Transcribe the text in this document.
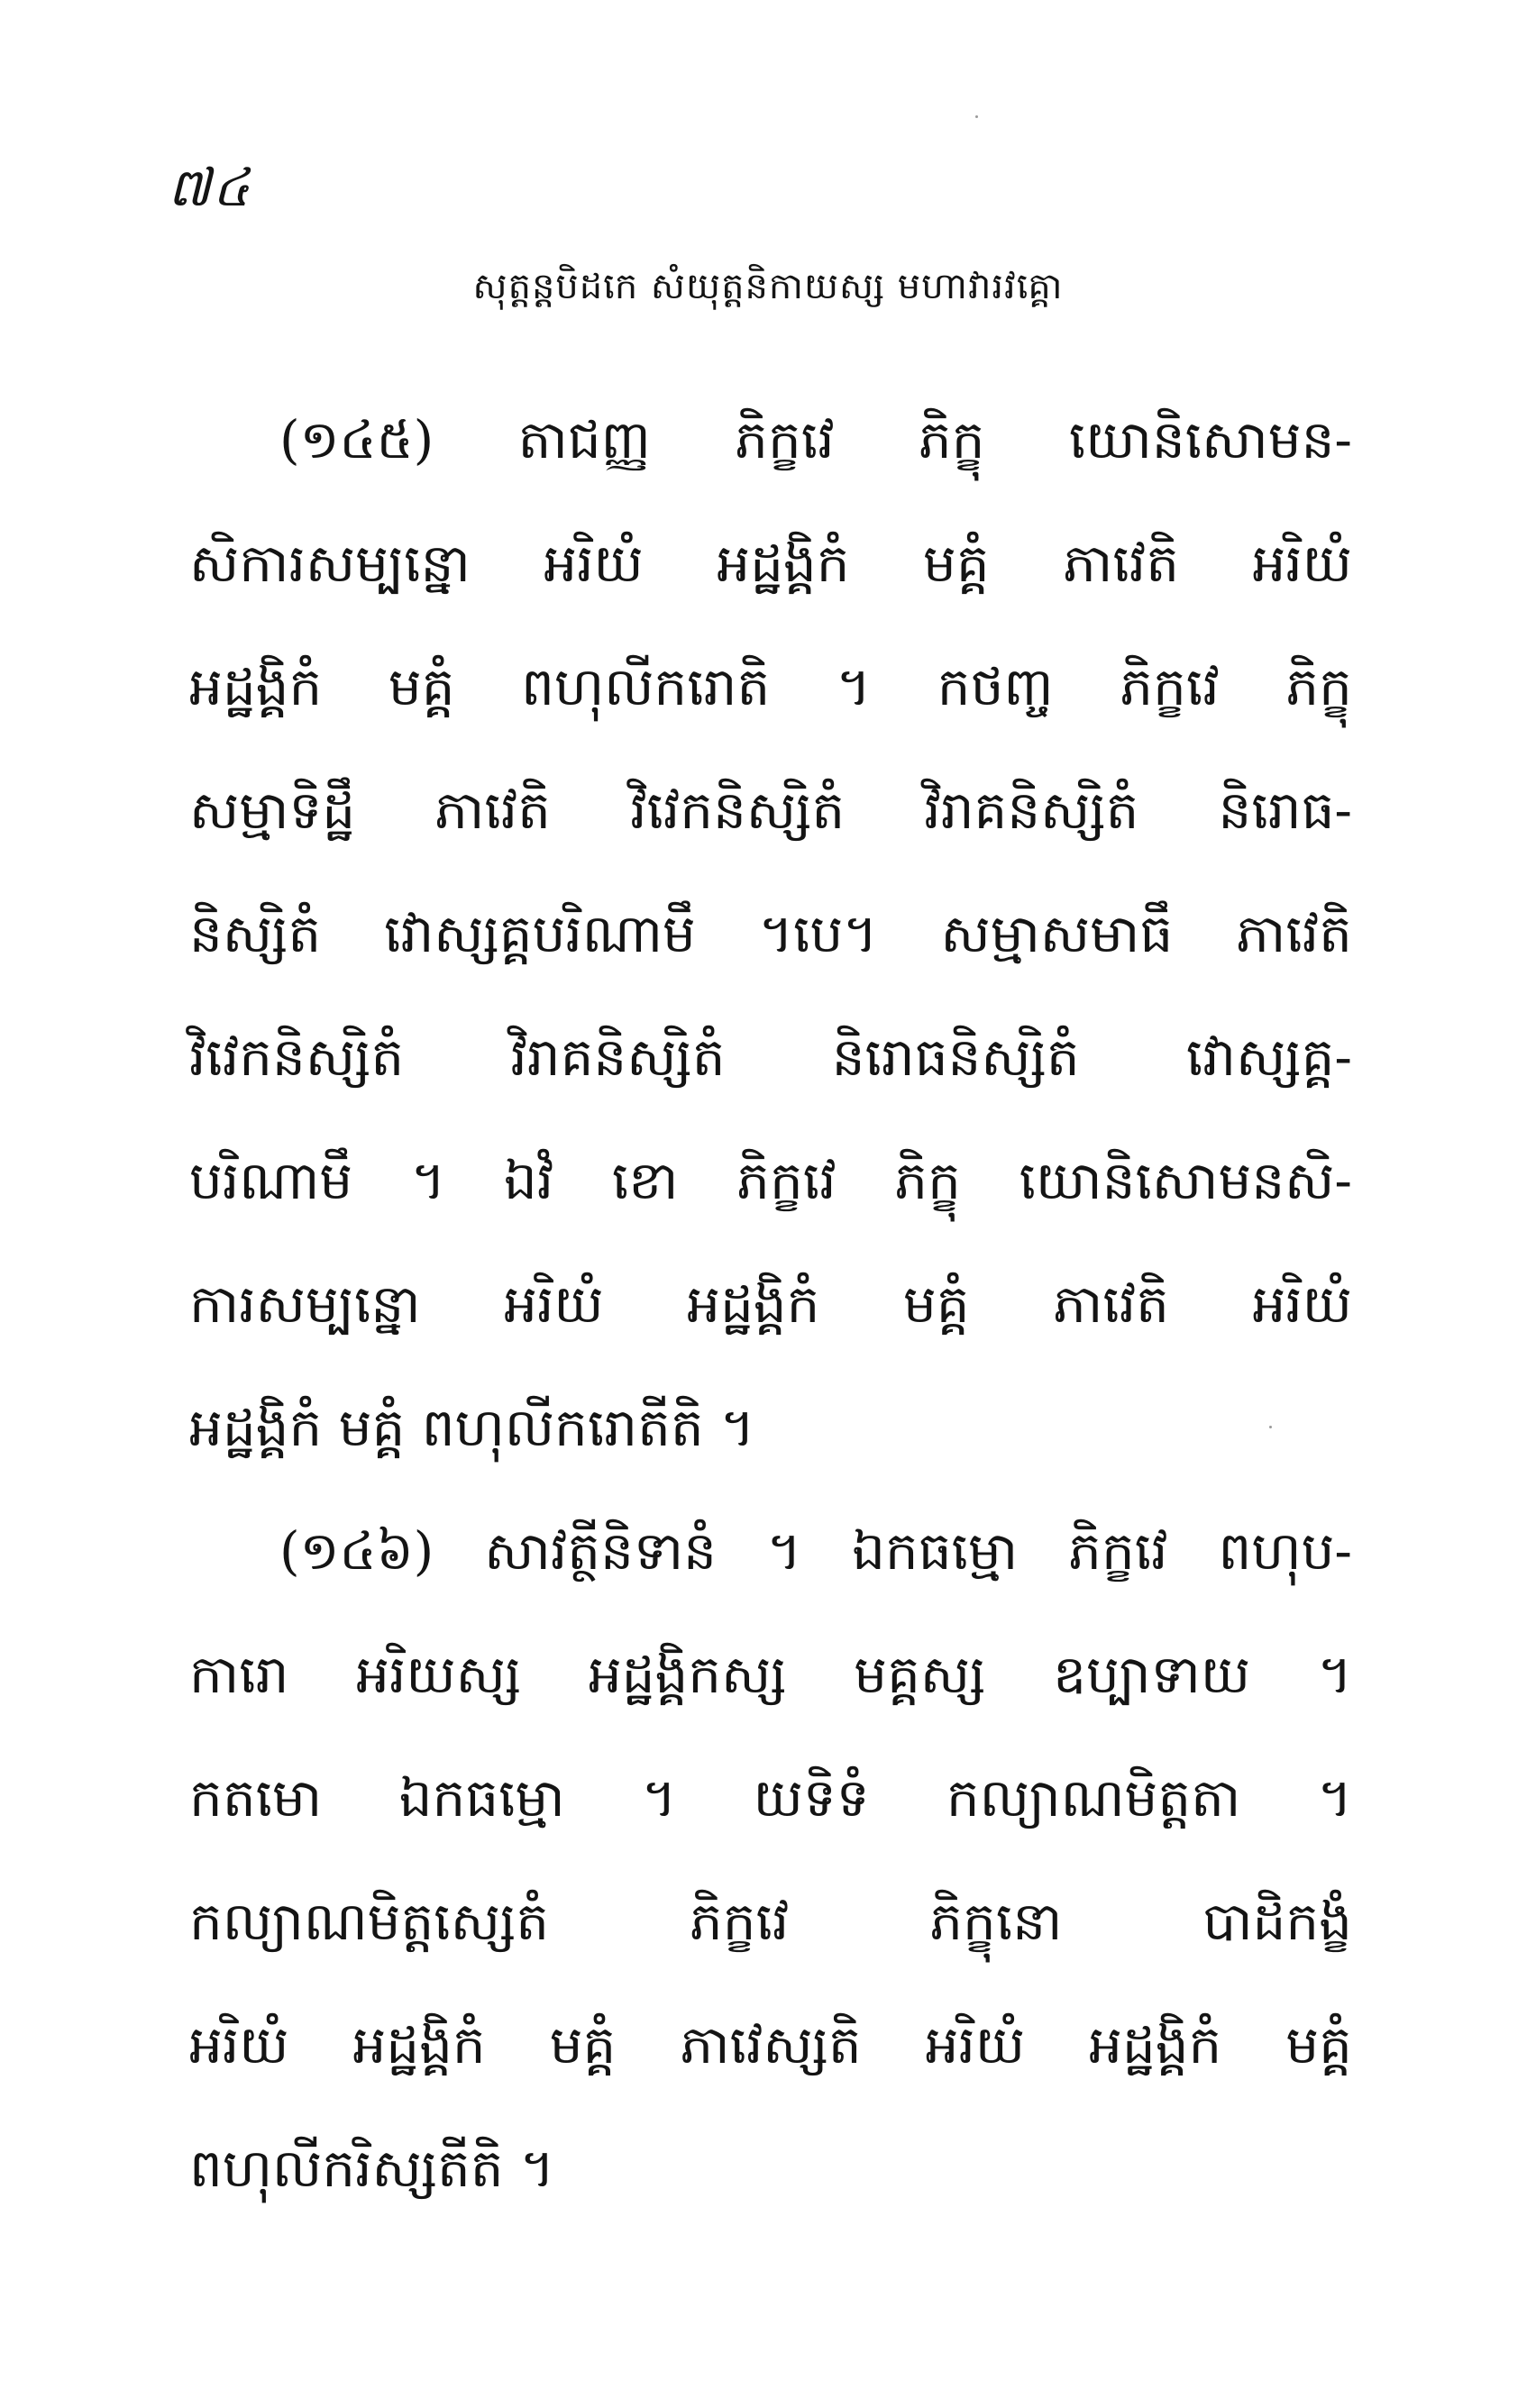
៧៤
សុត្តន្តបិដកេ សំយុត្តនិកាយស្ស មហាវារវគ្គោ
(១៤៥) តាជញ្ញ ភិក្ខវេ ភិក្ខុ យោនិសោមន-
សិការសម្បន្នោ អរិយំ អដ្ឋង្គិកំ មគ្គំ ភាវេតិ អរិយំ
អដ្ឋង្គិកំ មគ្គំ ពហុលីករោតិ ។ កថញ្ច ភិក្ខវេ ភិក្ខុ
សម្មាទិដ្ឋឹ ភាវេតិ វិវេកនិស្សិតំ វិរាគនិស្សិតំ និរោធ-
និស្សិតំ វោស្សគ្គបរិណាមឹ ។បេ។ សម្មាសមាធឹ ភាវេតិ
វិវេកនិស្សិតំ វិរាគនិស្សិតំ និរោធនិស្សិតំ វោស្សគ្គ-
បរិណាមឹ ។ ឯវំ ខោ ភិក្ខវេ ភិក្ខុ យោនិសោមនសិ-
ការសម្បន្នោ អរិយំ អដ្ឋង្គិកំ មគ្គំ ភាវេតិ អរិយំ
អដ្ឋង្គិកំ មគ្គំ ពហុលីករោតីតិ ។
(១៤៦) សាវត្ថីនិទានំ ។ ឯកធម្មោ ភិក្ខវេ ពហុប-
ការោ អរិយស្ស អដ្ឋង្គិកស្ស មគ្គស្ស ឧប្បាទាយ ។
កតមោ ឯកធម្មោ ។ យទិទំ កល្យាណមិត្តតា ។
កល្យាណមិត្តស្សេតំ ភិក្ខវេ ភិក្ខុនោ បាដិកង្ខំ
អរិយំ អដ្ឋង្គិកំ មគ្គំ ភាវេស្សតិ អរិយំ អដ្ឋង្គិកំ មគ្គំ
ពហុលីករិស្សតីតិ ។
